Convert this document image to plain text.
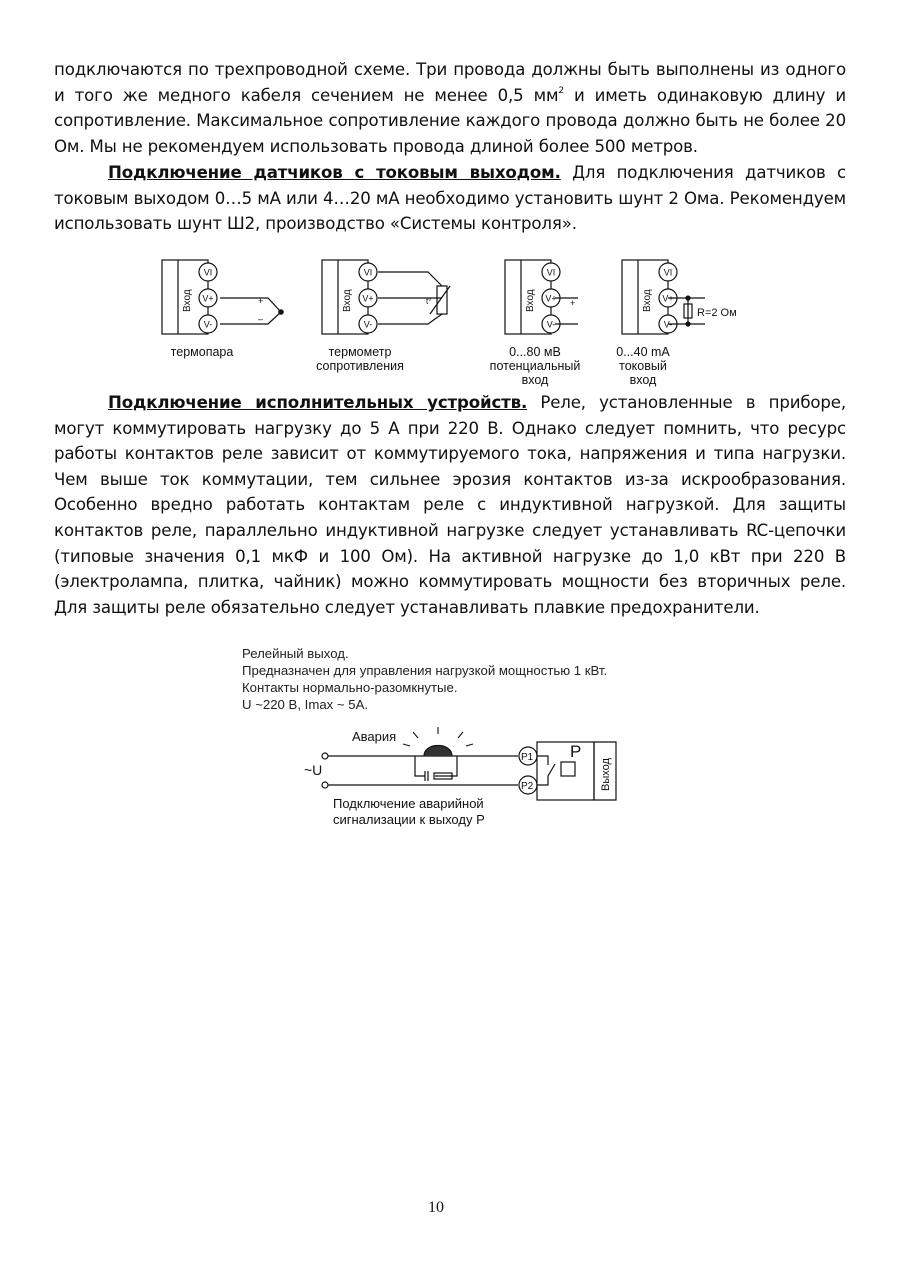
подключаются по трехпроводной схеме. Три провода должны быть выполнены из одного и того же медного кабеля сечением не менее 0,5 $мм^2$ и иметь одинаковую длину и сопротивление. Максимальное сопротивление каждого провода должно быть не более 20 Ом. Мы не рекомендуем использовать провода длиной более 500 метров.

Подключение датчиков с токовым выходом. Для подключения датчиков с токовым выходом 0…5 мА или 4…20 мА необходимо установить шунт 2 Ома. Рекомендуем использовать шунт Ш2, производство «Системы контроля».

+
–
t°	+
–
R=2 Ом
VI
V+
V-
Вход
VI
V+
V-
Вход
VI
V+
V-
Вход
VI
V+
V-
Вход
термопара	термометр
сопротивления
0...80 мВ
потенциальный
вход
0...40 mA
токовый
вход

Подключение исполнительных устройств. Реле, установленные в приборе, могут коммутировать нагрузку до 5 А при 220 В. Однако следует помнить, что ресурс работы контактов реле зависит от коммутируемого тока, напряжения и типа нагрузки. Чем выше ток коммутации, тем сильнее эрозия контактов из-за искрообразования. Особенно вредно работать контактам реле с индуктивной нагрузкой. Для защиты контактов реле, параллельно индуктивной нагрузке следует устанавливать RC-цепочки (типовые значения 0,1 мкФ и 100 Ом). На активной нагрузке до 1,0 кВт при 220 В (электролампа, плитка, чайник) можно коммутировать мощности без вторичных реле. Для защиты реле обязательно следует устанавливать плавкие предохранители.

Релейный выход.
Предназначен для управления нагрузкой мощностью 1 кВт.
Контакты нормально-разомкнутые.
U ~220 В, Imax ~ 5А.
P
P1
P2	Выход
Авария
~U
Подключение аварийной
сигнализации к выходу Р
10
